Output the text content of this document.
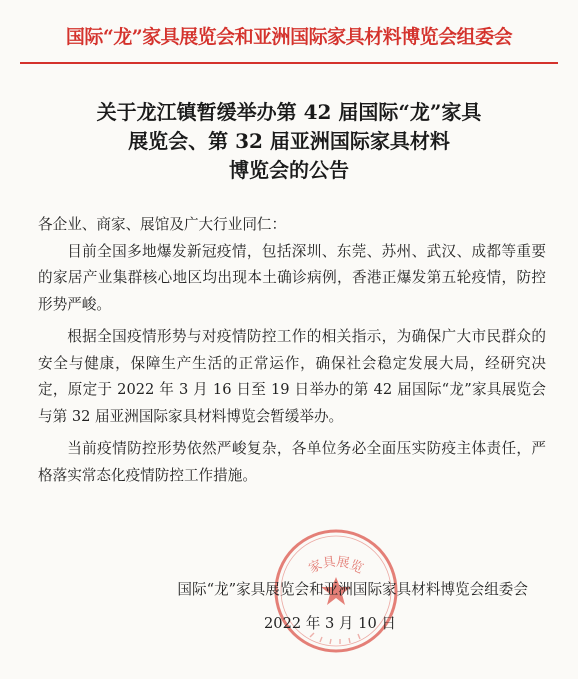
国际“龙”家具展览会和亚洲国际家具材料博览会组委会
关于龙江镇暂缓举办第 42 届国际“龙”家具
展览会、第 32 届亚洲国际家具材料
博览会的公告

各企业、商家、展馆及广大行业同仁：

目前全国多地爆发新冠疫情，包括深圳、东莞、苏州、武汉、成都等重要的家居产业集群核心地区均出现本土确诊病例，香港正爆发第五轮疫情，防控形势严峻。

根据全国疫情形势与对疫情防控工作的相关指示，为确保广大市民群众的安全与健康，保障生产生活的正常运作，确保社会稳定发展大局，经研究决定，原定于 2022 年 3 月 16 日至 19 日举办的第 42 届国际“龙”家具展览会与第 32 届亚洲国际家具材料博览会暂缓举办。

当前疫情防控形势依然严峻复杂，各单位务必全面压实防疫主体责任，严格落实常态化疫情防控工作措施。

家具展览
国际“龙”家具展览会和亚洲国际家具材料博览会组委会
2022 年 3 月 10 日
